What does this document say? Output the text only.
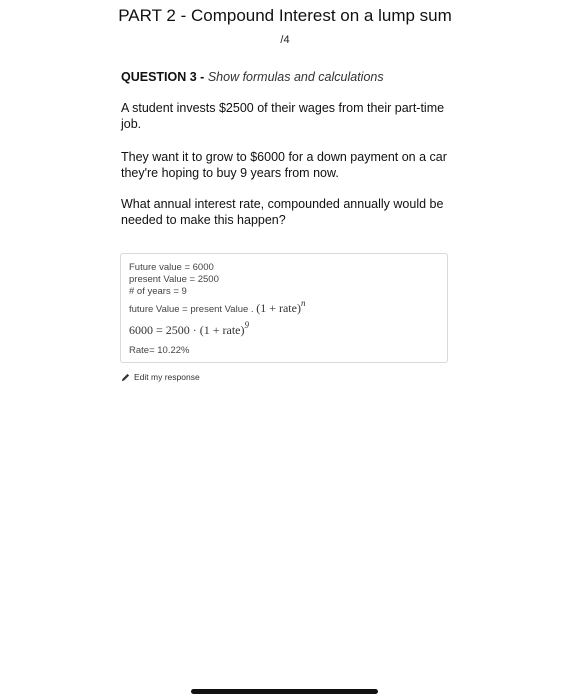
PART 2 - Compound Interest on a lump sum
/4
QUESTION 3 - Show formulas and calculations
A student invests $2500 of their wages from their part-time job.
They want it to grow to $6000 for a down payment on a car they're hoping to buy 9 years from now.
What annual interest rate, compounded annually would be needed to make this happen?
Future value = 6000
present Value = 2500
# of years = 9
future Value = present Value . (1 + rate)$^n$
6000 = 2500 · (1 + rate)$^9$
Rate= 10.22%
Edit my response
